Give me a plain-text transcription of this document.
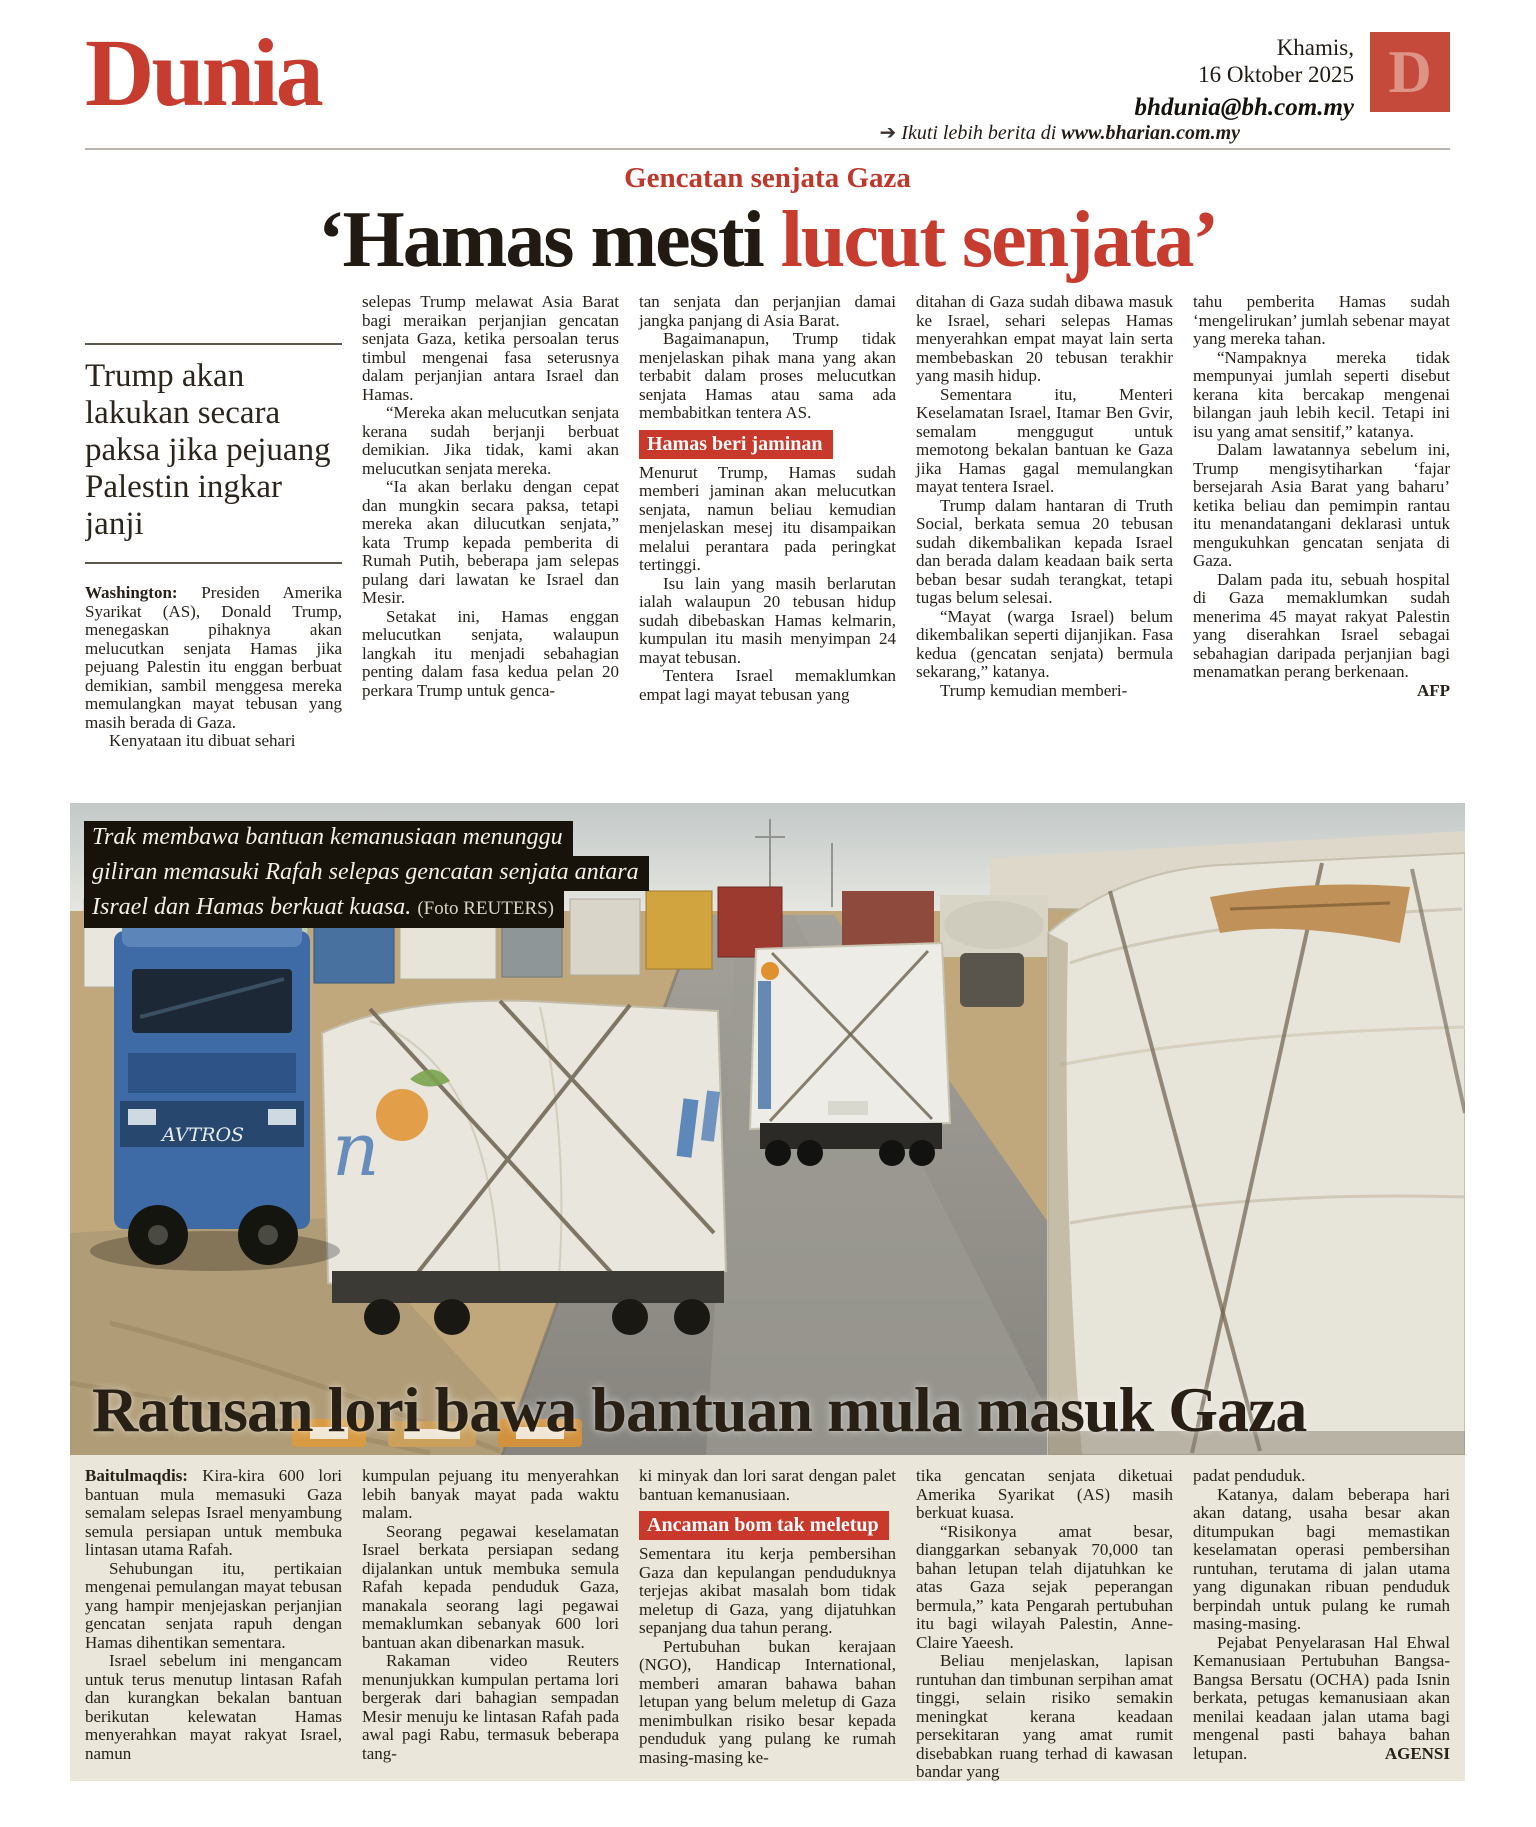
Dunia	Khamis,
16 Oktober 2025
bhdunia@bh.com.my
D
➔ Ikuti lebih berita di www.bharian.com.my
Gencatan senjata Gaza
‘Hamas mesti lucut senjata’
Trump akan lakukan secara paksa jika pejuang Palestin ingkar janji

Washington: Presiden Amerika Syarikat (AS), Donald Trump, menegaskan pihaknya akan melucutkan senjata Hamas jika pejuang Palestin itu enggan berbuat demikian, sambil menggesa mereka memulangkan mayat tebusan yang masih berada di Gaza.

Kenyataan itu dibuat sehari

selepas Trump melawat Asia Barat bagi meraikan perjanjian gencatan senjata Gaza, ketika persoalan terus timbul mengenai fasa seterusnya dalam perjanjian antara Israel dan Hamas.

“Mereka akan melucutkan senjata kerana sudah berjanji berbuat demikian. Jika tidak, kami akan melucutkan senjata mereka.

“Ia akan berlaku dengan cepat dan mungkin secara paksa, tetapi mereka akan dilucutkan senjata,” kata Trump kepada pemberita di Rumah Putih, beberapa jam selepas pulang dari lawatan ke Israel dan Mesir.

Setakat ini, Hamas enggan melucutkan senjata, walaupun langkah itu menjadi sebahagian penting dalam fasa kedua pelan 20 perkara Trump untuk genca-

tan senjata dan perjanjian damai jangka panjang di Asia Barat.

Bagaimanapun, Trump tidak menjelaskan pihak mana yang akan terbabit dalam proses melucutkan senjata Hamas atau sama ada membabitkan tentera AS.

Hamas beri jaminan

Menurut Trump, Hamas sudah memberi jaminan akan melucutkan senjata, namun beliau kemudian menjelaskan mesej itu disampaikan melalui perantara pada peringkat tertinggi.

Isu lain yang masih berlarutan ialah walaupun 20 tebusan hidup sudah dibebaskan Hamas kelmarin, kumpulan itu masih menyimpan 24 mayat tebusan.

Tentera Israel memaklumkan empat lagi mayat tebusan yang

ditahan di Gaza sudah dibawa masuk ke Israel, sehari selepas Hamas menyerahkan empat mayat lain serta membebaskan 20 tebusan terakhir yang masih hidup.

Sementara itu, Menteri Keselamatan Israel, Itamar Ben Gvir, semalam menggugut untuk memotong bekalan bantuan ke Gaza jika Hamas gagal memulangkan mayat tentera Israel.

Trump dalam hantaran di Truth Social, berkata semua 20 tebusan sudah dikembalikan kepada Israel dan berada dalam keadaan baik serta beban besar sudah terangkat, tetapi tugas belum selesai.

“Mayat (warga Israel) belum dikembalikan seperti dijanjikan. Fasa kedua (gencatan senjata) bermula sekarang,” katanya.

Trump kemudian memberi-

tahu pemberita Hamas sudah ‘mengelirukan’ jumlah sebenar mayat yang mereka tahan.

“Nampaknya mereka tidak mempunyai jumlah seperti disebut kerana kita bercakap mengenai bilangan jauh lebih kecil. Tetapi ini isu yang amat sensitif,” katanya.

Dalam lawatannya sebelum ini, Trump mengisytiharkan ‘fajar bersejarah Asia Barat yang baharu’ ketika beliau dan pemimpin rantau itu menandatangani deklarasi untuk mengukuhkan gencatan senjata di Gaza.

Dalam pada itu, sebuah hospital di Gaza memaklumkan sudah menerima 45 mayat rakyat Palestin yang diserahkan Israel sebagai sebahagian daripada perjanjian bagi menamatkan perang berkenaan.
AFP

n
AVTROS
Trak membawa bantuan kemanusiaan menunggu
giliran memasuki Rafah selepas gencatan senjata antara
Israel dan Hamas berkuat kuasa. (Foto REUTERS)
Ratusan lori bawa bantuan mula masuk Gaza

Baitulmaqdis: Kira-kira 600 lori bantuan mula memasuki Gaza semalam selepas Israel menyambung semula persiapan untuk membuka lintasan utama Rafah.

Sehubungan itu, pertikaian mengenai pemulangan mayat tebusan yang hampir menjejaskan perjanjian gencatan senjata rapuh dengan Hamas dihentikan sementara.

Israel sebelum ini mengancam untuk terus menutup lintasan Rafah dan kurangkan bekalan bantuan berikutan kelewatan Hamas menyerahkan mayat rakyat Israel, namun

kumpulan pejuang itu menyerahkan lebih banyak mayat pada waktu malam.

Seorang pegawai keselamatan Israel berkata persiapan sedang dijalankan untuk membuka semula Rafah kepada penduduk Gaza, manakala seorang lagi pegawai memaklumkan sebanyak 600 lori bantuan akan dibenarkan masuk.

Rakaman video Reuters menunjukkan kumpulan pertama lori bergerak dari bahagian sempadan Mesir menuju ke lintasan Rafah pada awal pagi Rabu, termasuk beberapa tang-

ki minyak dan lori sarat dengan palet bantuan kemanusiaan.

Ancaman bom tak meletup

Sementara itu kerja pembersihan Gaza dan kepulangan penduduknya terjejas akibat masalah bom tidak meletup di Gaza, yang dijatuhkan sepanjang dua tahun perang.

Pertubuhan bukan kerajaan (NGO), Handicap International, memberi amaran bahawa bahan letupan yang belum meletup di Gaza menimbulkan risiko besar kepada penduduk yang pulang ke rumah masing-masing ke-

tika gencatan senjata diketuai Amerika Syarikat (AS) masih berkuat kuasa.

“Risikonya amat besar, dianggarkan sebanyak 70,000 tan bahan letupan telah dijatuhkan ke atas Gaza sejak peperangan bermula,” kata Pengarah pertubuhan itu bagi wilayah Palestin, Anne-Claire Yaeesh.

Beliau menjelaskan, lapisan runtuhan dan timbunan serpihan amat tinggi, selain risiko semakin meningkat kerana keadaan persekitaran yang amat rumit disebabkan ruang terhad di kawasan bandar yang

padat penduduk.

Katanya, dalam beberapa hari akan datang, usaha besar akan ditumpukan bagi memastikan keselamatan operasi pembersihan runtuhan, terutama di jalan utama yang digunakan ribuan penduduk berpindah untuk pulang ke rumah masing-masing.

Pejabat Penyelarasan Hal Ehwal Kemanusiaan Pertubuhan Bangsa-Bangsa Bersatu (OCHA) pada Isnin berkata, petugas kemanusiaan akan menilai keadaan jalan utama bagi mengenal pasti bahaya bahan letupan.	AGENSI
